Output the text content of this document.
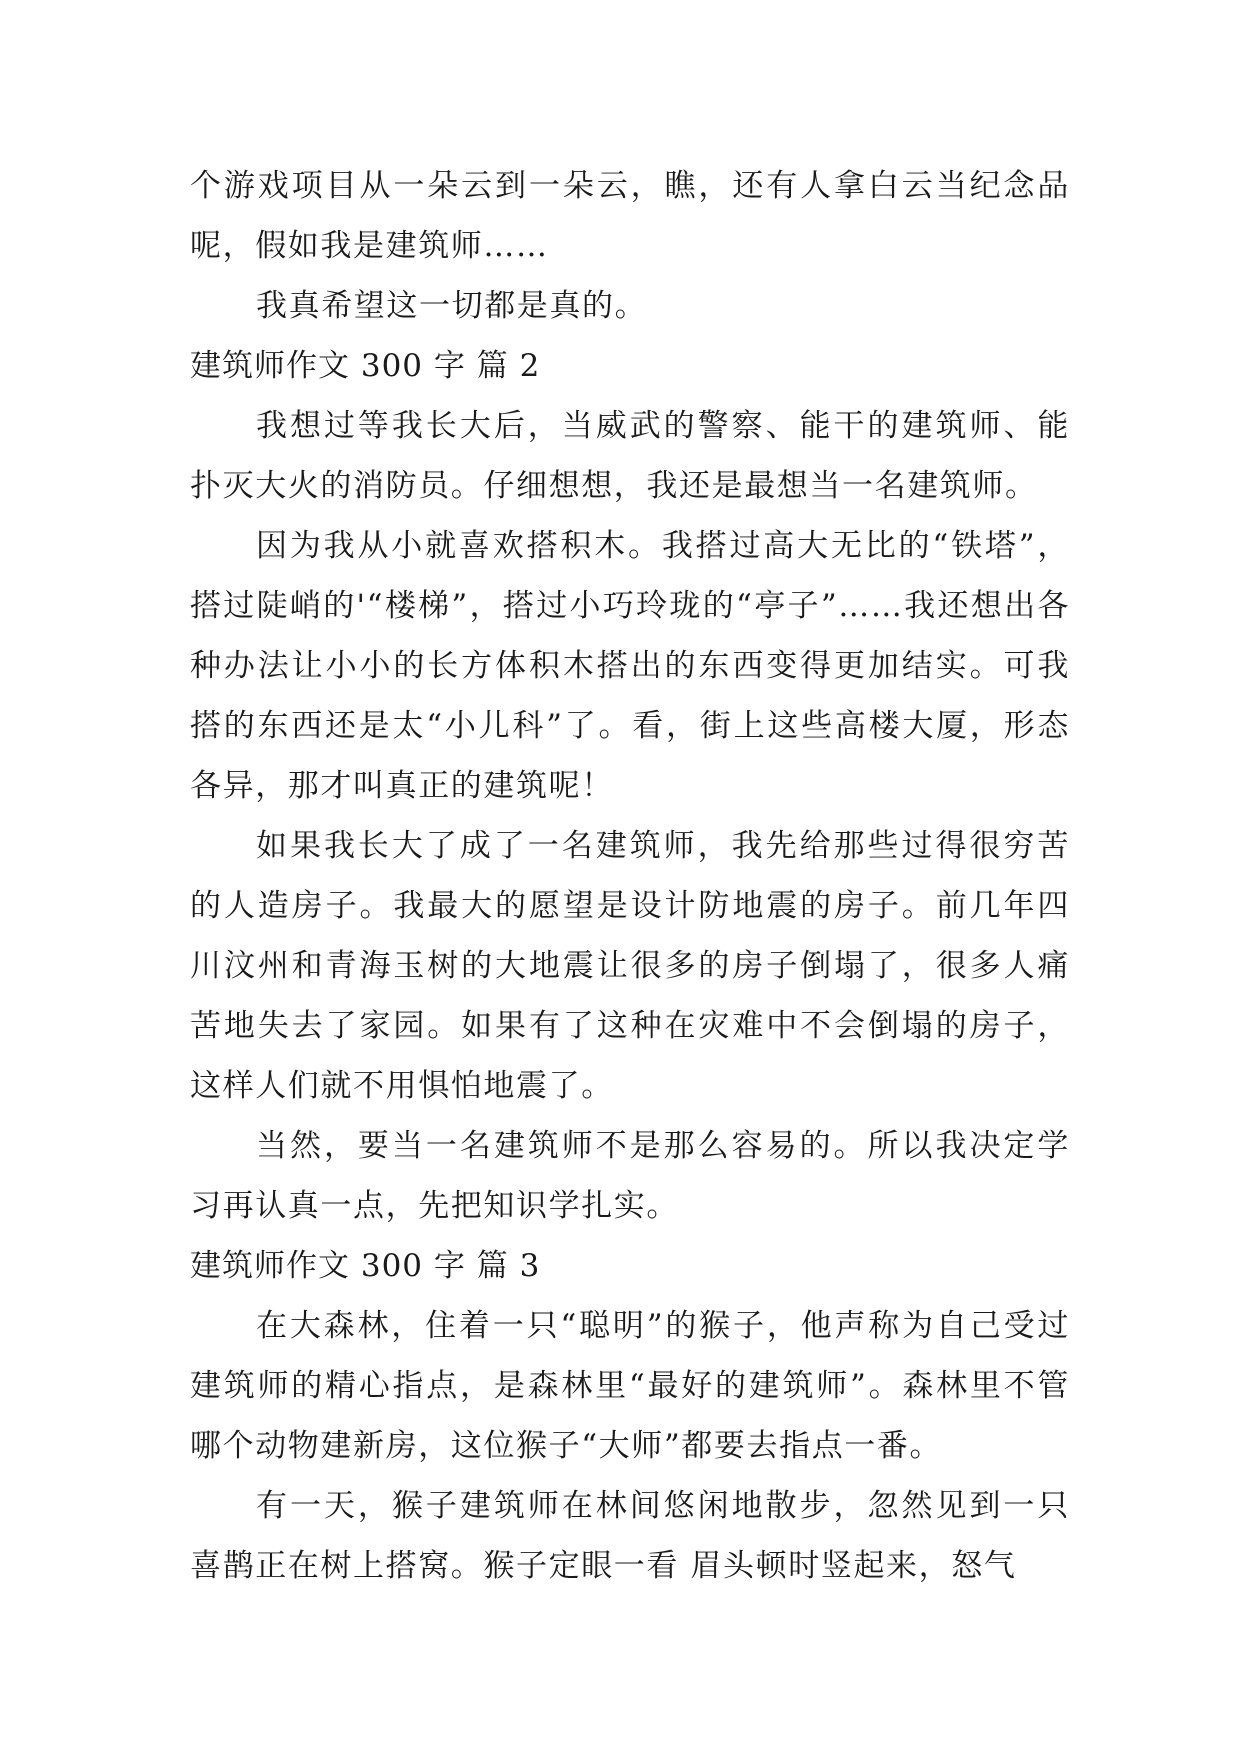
个游戏项目从一朵云到一朵云，瞧，还有人拿白云当纪念品呢，假如我是建筑师……

我真希望这一切都是真的。

建筑师作文 300 字 篇 2

我想过等我长大后，当威武的警察、能干的建筑师、能扑灭大火的消防员。仔细想想，我还是最想当一名建筑师。

因为我从小就喜欢搭积木。我搭过高大无比的“铁塔”，搭过陡峭的'“楼梯”，搭过小巧玲珑的“亭子”……我还想出各种办法让小小的长方体积木搭出的东西变得更加结实。可我搭的东西还是太“小儿科”了。看，街上这些高楼大厦，形态各异，那才叫真正的建筑呢！

如果我长大了成了一名建筑师，我先给那些过得很穷苦的人造房子。我最大的愿望是设计防地震的房子。前几年四川汶州和青海玉树的大地震让很多的房子倒塌了，很多人痛苦地失去了家园。如果有了这种在灾难中不会倒塌的房子，这样人们就不用惧怕地震了。

当然，要当一名建筑师不是那么容易的。所以我决定学习再认真一点，先把知识学扎实。

建筑师作文 300 字 篇 3

在大森林，住着一只“聪明”的猴子，他声称为自己受过建筑师的精心指点，是森林里“最好的建筑师”。森林里不管哪个动物建新房，这位猴子“大师”都要去指点一番。

有一天，猴子建筑师在林间悠闲地散步，忽然见到一只喜鹊正在树上搭窝。猴子定眼一看 眉头顿时竖起来，怒气
